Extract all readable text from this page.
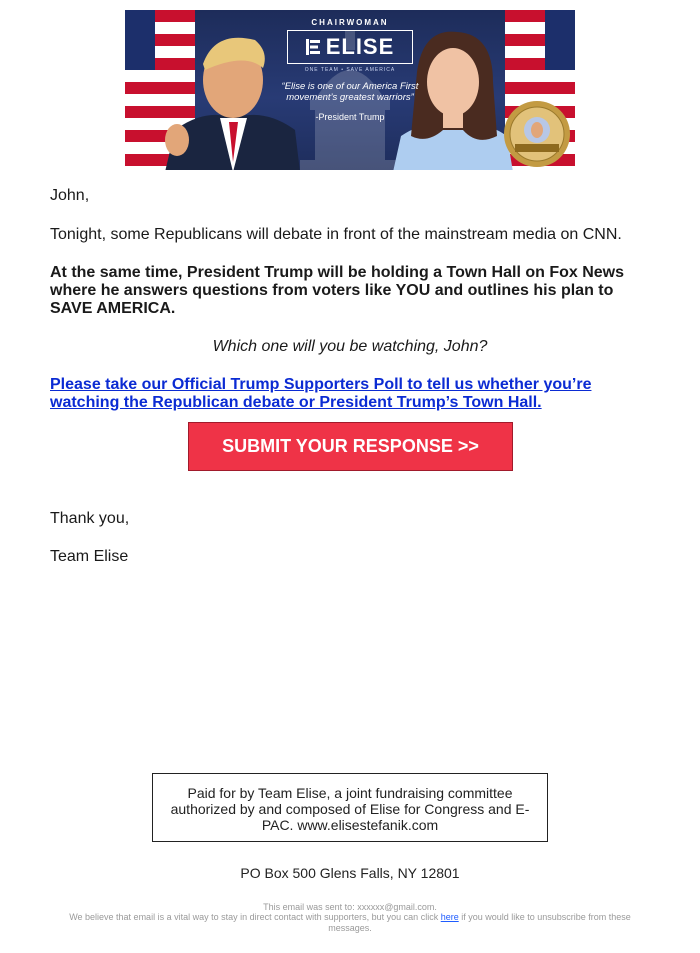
CHAIRWOMAN
ELISE
ONE TEAM • SAVE AMERICA
“Elise is one of our America First movement’s greatest warriors”
-President Trump
John,
Tonight, some Republicans will debate in front of the mainstream media on CNN.
At the same time, President Trump will be holding a Town Hall on Fox News where he answers questions from voters like YOU and outlines his plan to SAVE AMERICA.
Which one will you be watching, John?
Please take our Official Trump Supporters Poll to tell us whether you’re watching the Republican debate or President Trump’s Town Hall.
SUBMIT YOUR RESPONSE >>
Thank you,
Team Elise
Paid for by Team Elise, a joint fundraising committee authorized by and composed of Elise for Congress and E-PAC. www.elisestefanik.com
PO Box 500 Glens Falls, NY 12801
This email was sent to: xxxxxx@gmail.com.
We believe that email is a vital way to stay in direct contact with supporters, but you can click here if you would like to unsubscribe from these messages.
